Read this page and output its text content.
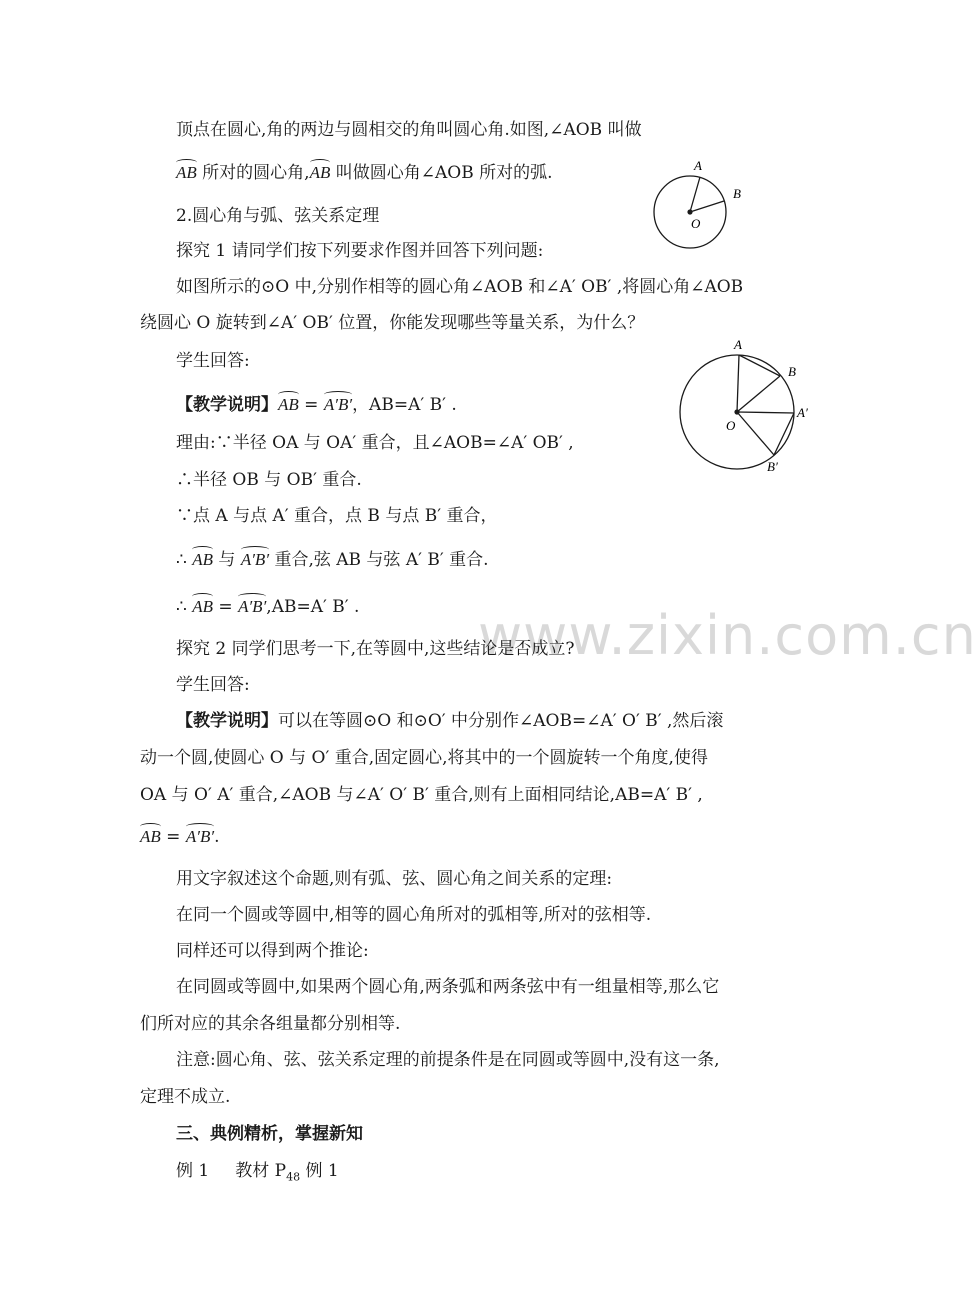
www.zixin.com.cn
顶点在圆心,角的两边与圆相交的角叫圆心角.如图,∠AOB 叫做
AB 所对的圆心角,AB 叫做圆心角∠AOB 所对的弧.
2.圆心角与弧、弦关系定理
探究 1 请同学们按下列要求作图并回答下列问题:
如图所示的⊙O 中,分别作相等的圆心角∠AOB 和∠A′ OB′ ,将圆心角∠AOB
绕圆心 O 旋转到∠A′ OB′ 位置，你能发现哪些等量关系，为什么？
学生回答:
【教学说明】AB = A′B′，AB=A′ B′ .
理由:∵半径 OA 与 OA′ 重合，且∠AOB=∠A′ OB′ ,
∴半径 OB 与 OB′ 重合.
∵点 A 与点 A′ 重合，点 B 与点 B′ 重合，
∴ AB 与 A′B′ 重合,弦 AB 与弦 A′ B′ 重合.
∴ AB = A′B′,AB=A′ B′ .
探究 2 同学们思考一下,在等圆中,这些结论是否成立?
学生回答:
【教学说明】可以在等圆⊙O 和⊙O′ 中分别作∠AOB=∠A′ O′ B′ ,然后滚
动一个圆,使圆心 O 与 O′ 重合,固定圆心,将其中的一个圆旋转一个角度,使得
OA 与 O′ A′ 重合,∠AOB 与∠A′ O′ B′ 重合,则有上面相同结论,AB=A′ B′ ,
AB = A′B′.
用文字叙述这个命题,则有弧、弦、圆心角之间关系的定理:
在同一个圆或等圆中,相等的圆心角所对的弧相等,所对的弦相等.
同样还可以得到两个推论:
在同圆或等圆中,如果两个圆心角,两条弧和两条弦中有一组量相等,那么它
们所对应的其余各组量都分别相等.
注意:圆心角、弦、弦关系定理的前提条件是在同圆或等圆中,没有这一条,
定理不成立.
三、典例精析，掌握新知
例 1 教材 $P_{48}$ 例 1
A
B
O
A
B
A′
O
B′
